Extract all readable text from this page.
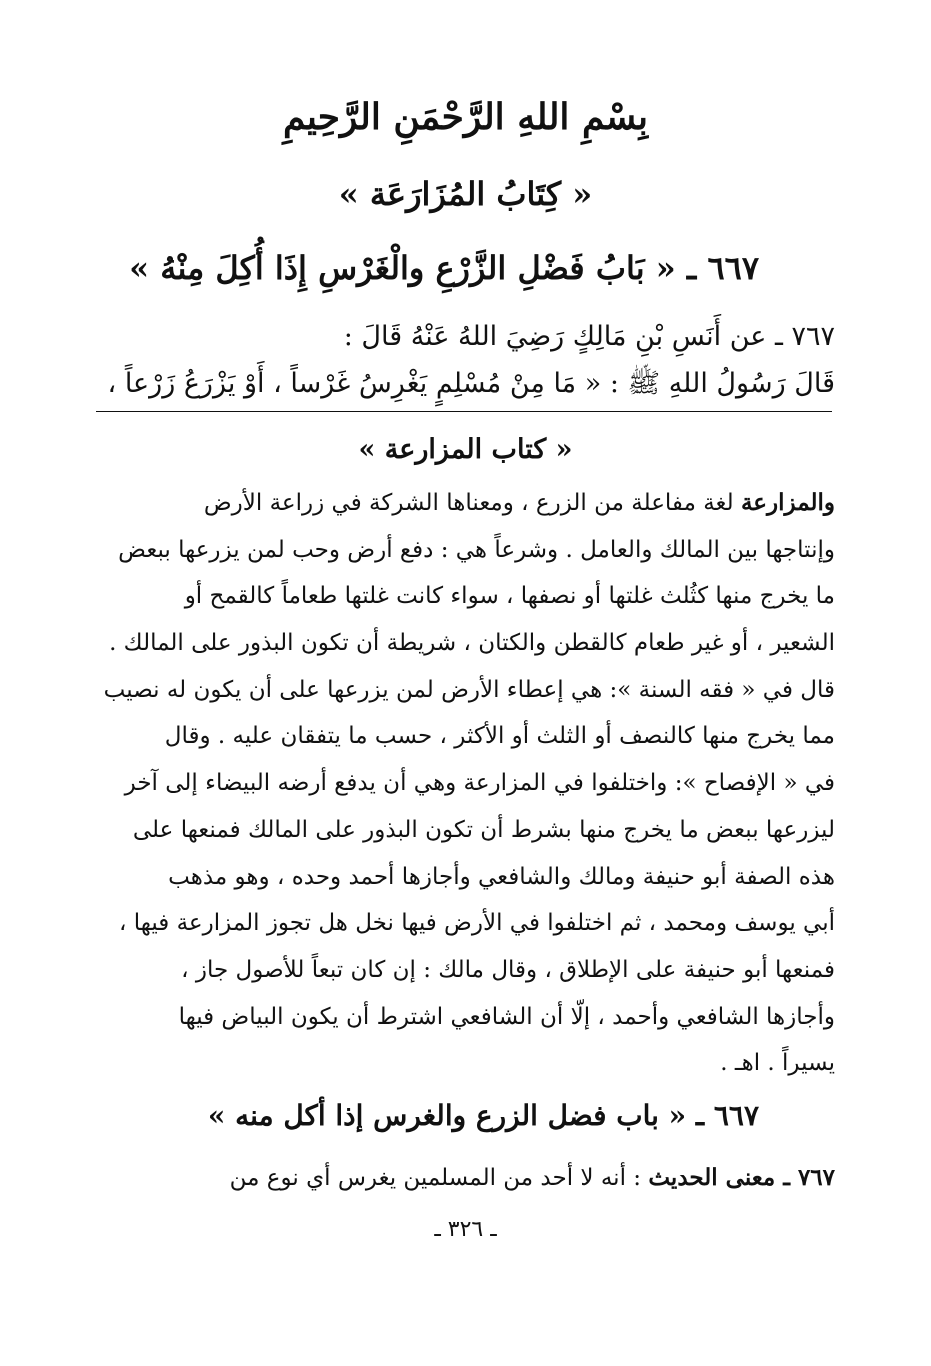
بِسْمِ اللهِ الرَّحْمَنِ الرَّحِيمِ
« كِتَابُ المُزَارَعَة »
٦٦٧ ـ « بَابُ فَضْلِ الزَّرْعِ والْغَرْسِ إِذَا أُكِلَ مِنْهُ »
٧٦٧ ـ عن أَنَسِ بْنِ مَالِكٍ رَضِيَ اللهُ عَنْهُ قَالَ :
قَالَ رَسُولُ اللهِ ﷺ : « مَا مِنْ مُسْلِمٍ يَغْرِسُ غَرْساً ، أَوْ يَزْرَعُ زَرْعاً ،
« كتاب المزارعة »
والمزارعة لغة مفاعلة من الزرع ، ومعناها الشركة في زراعة الأرض
وإنتاجها بين المالك والعامل . وشرعاً هي : دفع أرض وحب لمن يزرعها ببعض
ما يخرج منها كثُلث غلتها أو نصفها ، سواء كانت غلتها طعاماً كالقمح أو
الشعير ، أو غير طعام كالقطن والكتان ، شريطة أن تكون البذور على المالك .
قال في « فقه السنة »: هي إعطاء الأرض لمن يزرعها على أن يكون له نصيب
مما يخرج منها كالنصف أو الثلث أو الأكثر ، حسب ما يتفقان عليه . وقال
في « الإفصاح »: واختلفوا في المزارعة وهي أن يدفع أرضه البيضاء إلى آخر
ليزرعها ببعض ما يخرج منها بشرط أن تكون البذور على المالك فمنعها على
هذه الصفة أبو حنيفة ومالك والشافعي وأجازها أحمد وحده ، وهو مذهب
أبي يوسف ومحمد ، ثم اختلفوا في الأرض فيها نخل هل تجوز المزارعة فيها ،
فمنعها أبو حنيفة على الإطلاق ، وقال مالك : إن كان تبعاً للأصول جاز ،
وأجازها الشافعي وأحمد ، إلّا أن الشافعي اشترط أن يكون البياض فيها
يسيراً . اهـ .
٦٦٧ ـ « باب فضل الزرع والغرس إذا أكل منه »
٧٦٧ ـ معنى الحديث : أنه لا أحد من المسلمين يغرس أي نوع من
ـ ٣٢٦ ـ
